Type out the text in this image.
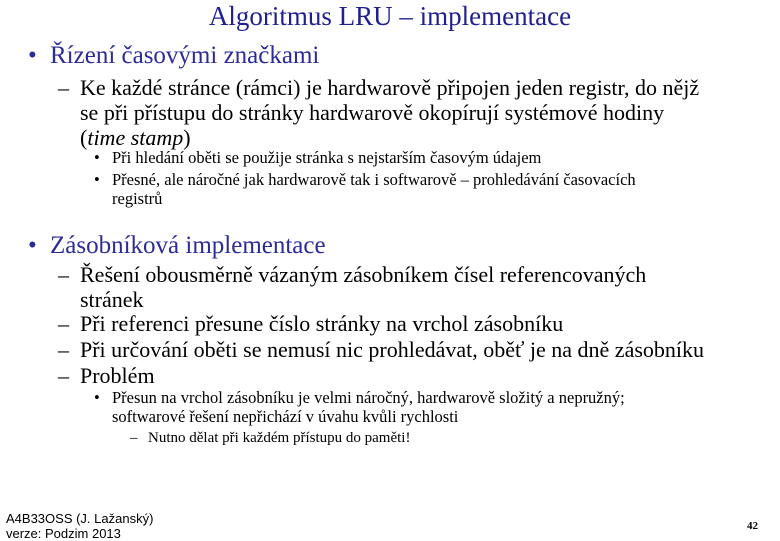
Algoritmus LRU – implementace
• Řízení časovými značkami
– Ke každé stránce (rámci) je hardwarově připojen jeden registr, do nějž
se při přístupu do stránky hardwarově okopírují systémové hodiny
(time stamp)
• Při hledání oběti se použije stránka s nejstarším časovým údajem
• Přesné, ale náročné jak hardwarově tak i softwarově – prohledávání časovacích
registrů
• Zásobníková implementace
– Řešení obousměrně vázaným zásobníkem čísel referencovaných
stránek
– Při referenci přesune číslo stránky na vrchol zásobníku
– Při určování oběti se nemusí nic prohledávat, oběť je na dně zásobníku
– Problém
• Přesun na vrchol zásobníku je velmi náročný, hardwarově složitý a nepružný;
softwarové řešení nepřichází v úvahu kvůli rychlosti
– Nutno dělat při každém přístupu do paměti!
A4B33OSS (J. Lažanský)
verze: Podzim 2013	42
